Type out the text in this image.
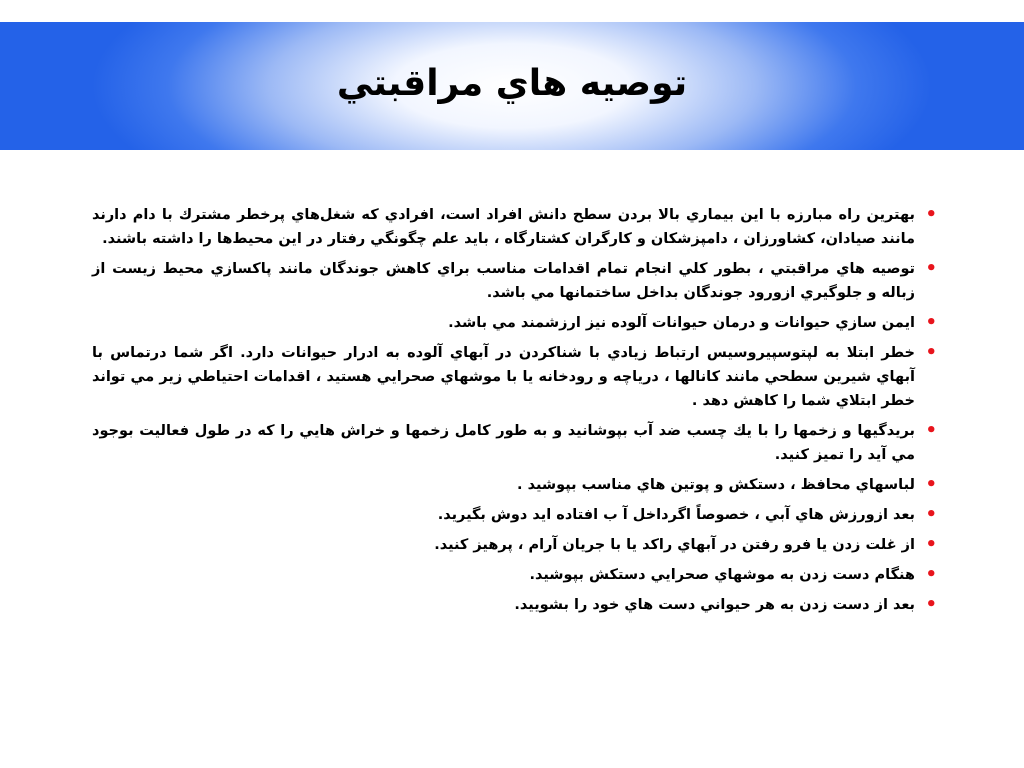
توصیه هاي مراقبتي
•
بهترين راه مبارزه با اين بيماري بالا بردن سطح دانش افراد است، افرادي که شغل‌هاي پرخطر مشترك با دام دارند مانند صيادان، کشاورزان ، دامپزشکان و کارگران کشتارگاه ، بايد علم چگونگي رفتار در اين محيط‌ها را داشته باشند.
•
توصیه هاي مراقبتي ، بطور كلي انجام تمام اقدامات مناسب براي كاهش جوندگان مانند پاكسازي محيط زيست از زباله و جلوگيري ازورود جوندگان بداخل ساختمانها مي باشد.
•
ايمن سازي حيوانات و درمان حيوانات آلوده نيز ارزشمند مي باشد.
•
خطر ابتلا به لپتوسپيروسيس ارتباط زيادي با شناكردن در آبهاي آلوده به ادرار حيوانات دارد. اگر شما درتماس با آبهاي شيرين سطحي مانند كانالها ، درياچه و رودخانه يا با موشهاي صحرايي هستيد ، اقدامات احتياطي زير مي تواند خطر ابتلاي شما را كاهش دهد .
•
بريدگيها و زخمها را با يك چسب ضد آب بپوشانيد و به طور كامل زخمها و خراش هايي را كه در طول فعاليت بوجود مي آيد را تميز كنيد.
•
لباسهاي محافظ ، دستكش و پوتين هاي مناسب بپوشيد .
•
بعد ازورزش هاي آبي ، خصوصاً اگرداخل آ ب افتاده ايد دوش بگيريد.
•
از غلت زدن يا فرو رفتن در آبهاي راكد يا با جريان آرام ، پرهيز كنيد.
•
هنگام دست زدن به موشهاي صحرايي دستكش بپوشيد.
•
بعد از دست زدن به هر حيواني دست هاي خود را بشوييد.
